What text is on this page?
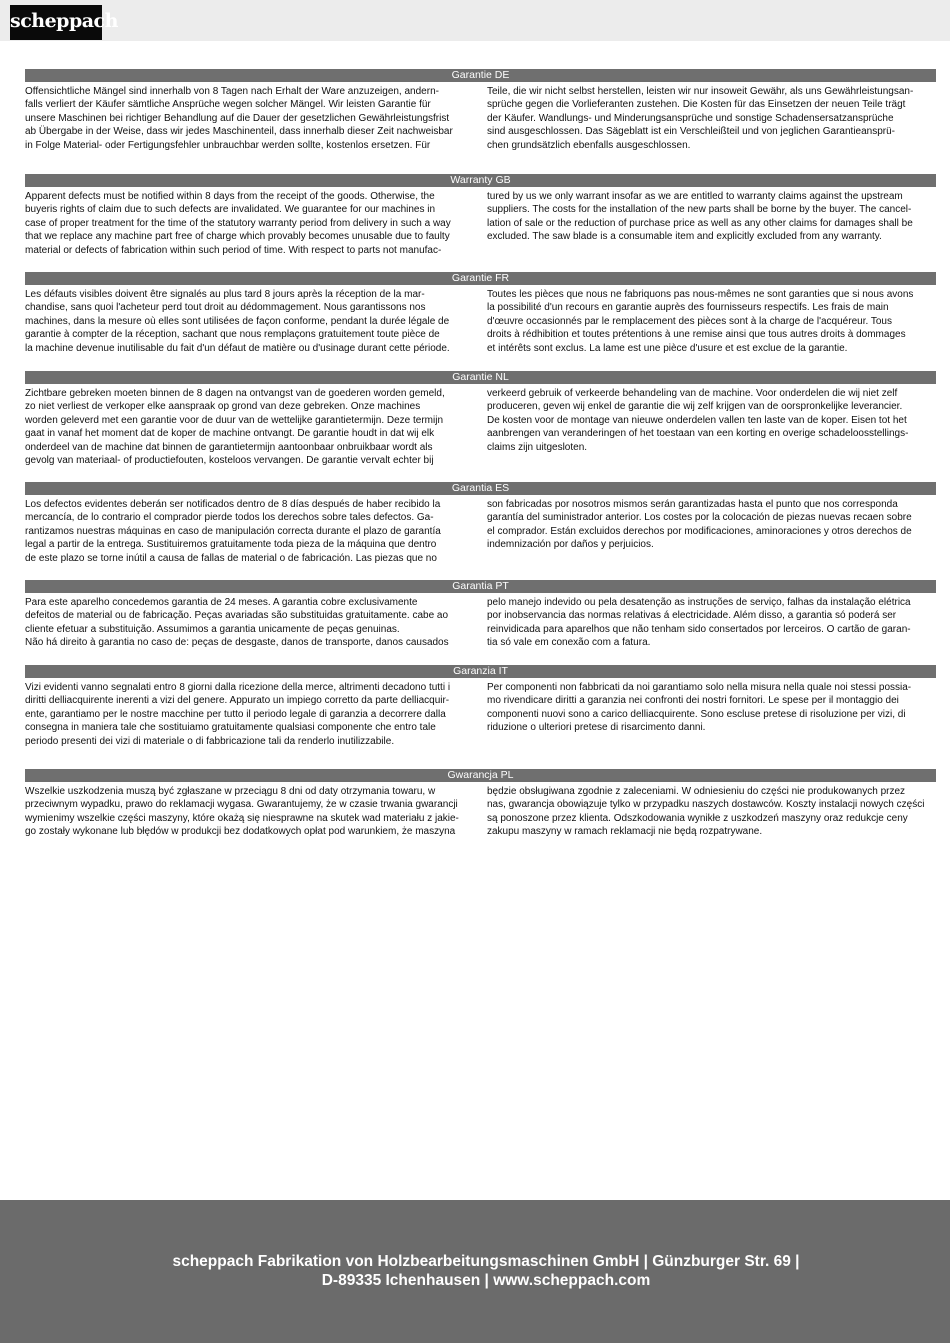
scheppach
Garantie DE
Offensichtliche Mängel sind innerhalb von 8 Tagen nach Erhalt der Ware anzuzeigen, andern-
falls verliert der Käufer sämtliche Ansprüche wegen solcher Mängel. Wir leisten Garantie für
unsere Maschinen bei richtiger Behandlung auf die Dauer der gesetzlichen Gewährleistungsfrist
ab Übergabe in der Weise, dass wir jedes Maschinenteil, dass innerhalb dieser Zeit nachweisbar
in Folge Material- oder Fertigungsfehler unbrauchbar werden sollte, kostenlos ersetzen. Für
Teile, die wir nicht selbst herstellen, leisten wir nur insoweit Gewähr, als uns Gewährleistungsan-
sprüche gegen die Vorlieferanten zustehen. Die Kosten für das Einsetzen der neuen Teile trägt
der Käufer. Wandlungs- und Minderungsansprüche und sonstige Schadensersatzansprüche
sind ausgeschlossen. Das Sägeblatt ist ein Verschleißteil und von jeglichen Garantieansprü-
chen grundsätzlich ebenfalls ausgeschlossen.
Warranty GB
Apparent defects must be notified within 8 days from the receipt of the goods. Otherwise, the
buyeris rights of claim due to such defects are invalidated. We guarantee for our machines in
case of proper treatment for the time of the statutory warranty period from delivery in such a way
that we replace any machine part free of charge which provably becomes unusable due to faulty
material or defects of fabrication within such period of time. With respect to parts not manufac-
tured by us we only warrant insofar as we are entitled to warranty claims against the upstream
suppliers. The costs for the installation of the new parts shall be borne by the buyer. The cancel-
lation of sale or the reduction of purchase price as well as any other claims for damages shall be
excluded. The saw blade is a consumable item and explicitly excluded from any warranty.
Garantie FR
Les défauts visibles doivent être signalés au plus tard 8 jours après la réception de la mar-
chandise, sans quoi l'acheteur perd tout droit au dédommagement. Nous garantissons nos
machines, dans la mesure où elles sont utilisées de façon conforme, pendant la durée légale de
garantie à compter de la réception, sachant que nous remplaçons gratuitement toute pièce de
la machine devenue inutilisable du fait d'un défaut de matière ou d'usinage durant cette période.
Toutes les pièces que nous ne fabriquons pas nous-mêmes ne sont garanties que si nous avons
la possibilité d'un recours en garantie auprès des fournisseurs respectifs. Les frais de main
d'œuvre occasionnés par le remplacement des pièces sont à la charge de l'acquéreur. Tous
droits à rédhibition et toutes prétentions à une remise ainsi que tous autres droits à dommages
et intérêts sont exclus. La lame est une pièce d'usure et est exclue de la garantie.
Garantie NL
Zichtbare gebreken moeten binnen de 8 dagen na ontvangst van de goederen worden gemeld,
zo niet verliest de verkoper elke aanspraak op grond van deze gebreken. Onze machines
worden geleverd met een garantie voor de duur van de wettelijke garantietermijn. Deze termijn
gaat in vanaf het moment dat de koper de machine ontvangt. De garantie houdt in dat wij elk
onderdeel van de machine dat binnen de garantietermijn aantoonbaar onbruikbaar wordt als
gevolg van materiaal- of productiefouten, kosteloos vervangen. De garantie vervalt echter bij
verkeerd gebruik of verkeerde behandeling van de machine. Voor onderdelen die wij niet zelf
produceren, geven wij enkel de garantie die wij zelf krijgen van de oorspronkelijke leverancier.
De kosten voor de montage van nieuwe onderdelen vallen ten laste van de koper. Eisen tot het
aanbrengen van veranderingen of het toestaan van een korting en overige schadeloosstellings-
claims zijn uitgesloten.
Garantia ES
Los defectos evidentes deberán ser notificados dentro de 8 días después de haber recibido la
mercancía, de lo contrario el comprador pierde todos los derechos sobre tales defectos. Ga-
rantizamos nuestras máquinas en caso de manipulación correcta durante el plazo de garantía
legal a partir de la entrega. Sustituiremos gratuitamente toda pieza de la máquina que dentro
de este plazo se torne inútil a causa de fallas de material o de fabricación. Las piezas que no
son fabricadas por nosotros mismos serán garantizadas hasta el punto que nos corresponda
garantía del suministrador anterior. Los costes por la colocación de piezas nuevas recaen sobre
el comprador. Están excluidos derechos por modificaciones, aminoraciones y otros derechos de
indemnización por daños y perjuicios.
Garantia PT
Para este aparelho concedemos garantia de 24 meses. A garantia cobre exclusivamente
defeitos de material ou de fabricação. Peças avariadas são substituidas gratuitamente. cabe ao
cliente efetuar a substituição. Assumimos a garantia unicamente de peças genuinas.
Não há direito à garantia no caso de: peças de desgaste, danos de transporte, danos causados
pelo manejo indevido ou pela desatenção as instruções de serviço, falhas da instalação elétrica
por inobservancia das normas relativas á electricidade. Além disso, a garantia só poderá ser
reinvidicada para aparelhos que não tenham sido consertados por lerceiros. O cartão de garan-
tia só vale em conexão com a fatura.
Garanzia IT
Vizi evidenti vanno segnalati entro 8 giorni dalla ricezione della merce, altrimenti decadono tutti i
diritti delliacquirente inerenti a vizi del genere. Appurato un impiego corretto da parte delliacquir-
ente, garantiamo per le nostre macchine per tutto il periodo legale di garanzia a decorrere dalla
consegna in maniera tale che sostituiamo gratuitamente qualsiasi componente che entro tale
periodo presenti dei vizi di materiale o di fabbricazione tali da renderlo inutilizzabile.
Per componenti non fabbricati da noi garantiamo solo nella misura nella quale noi stessi possia-
mo rivendicare diritti a garanzia nei confronti dei nostri fornitori. Le spese per il montaggio dei
componenti nuovi sono a carico delliacquirente. Sono escluse pretese di risoluzione per vizi, di
riduzione o ulteriori pretese di risarcimento danni.
Gwarancja PL
Wszelkie uszkodzenia muszą być zgłaszane w przeciągu 8 dni od daty otrzymania towaru, w
przeciwnym wypadku, prawo do reklamacji wygasa. Gwarantujemy, że w czasie trwania gwarancji
wymienimy wszelkie części maszyny, które okażą się niesprawne na skutek wad materiału z jakie-
go zostały wykonane lub błędów w produkcji bez dodatkowych opłat pod warunkiem, że maszyna
będzie obsługiwana zgodnie z zaleceniami. W odniesieniu do części nie produkowanych przez
nas, gwarancja obowiązuje tylko w przypadku naszych dostawców. Koszty instalacji nowych części
są ponoszone przez klienta. Odszkodowania wynikłe z uszkodzeń maszyny oraz redukcje ceny
zakupu maszyny w ramach reklamacji nie będą rozpatrywane.
scheppach Fabrikation von Holzbearbeitungsmaschinen GmbH | Günzburger Str. 69 |
D-89335 Ichenhausen | www.scheppach.com
